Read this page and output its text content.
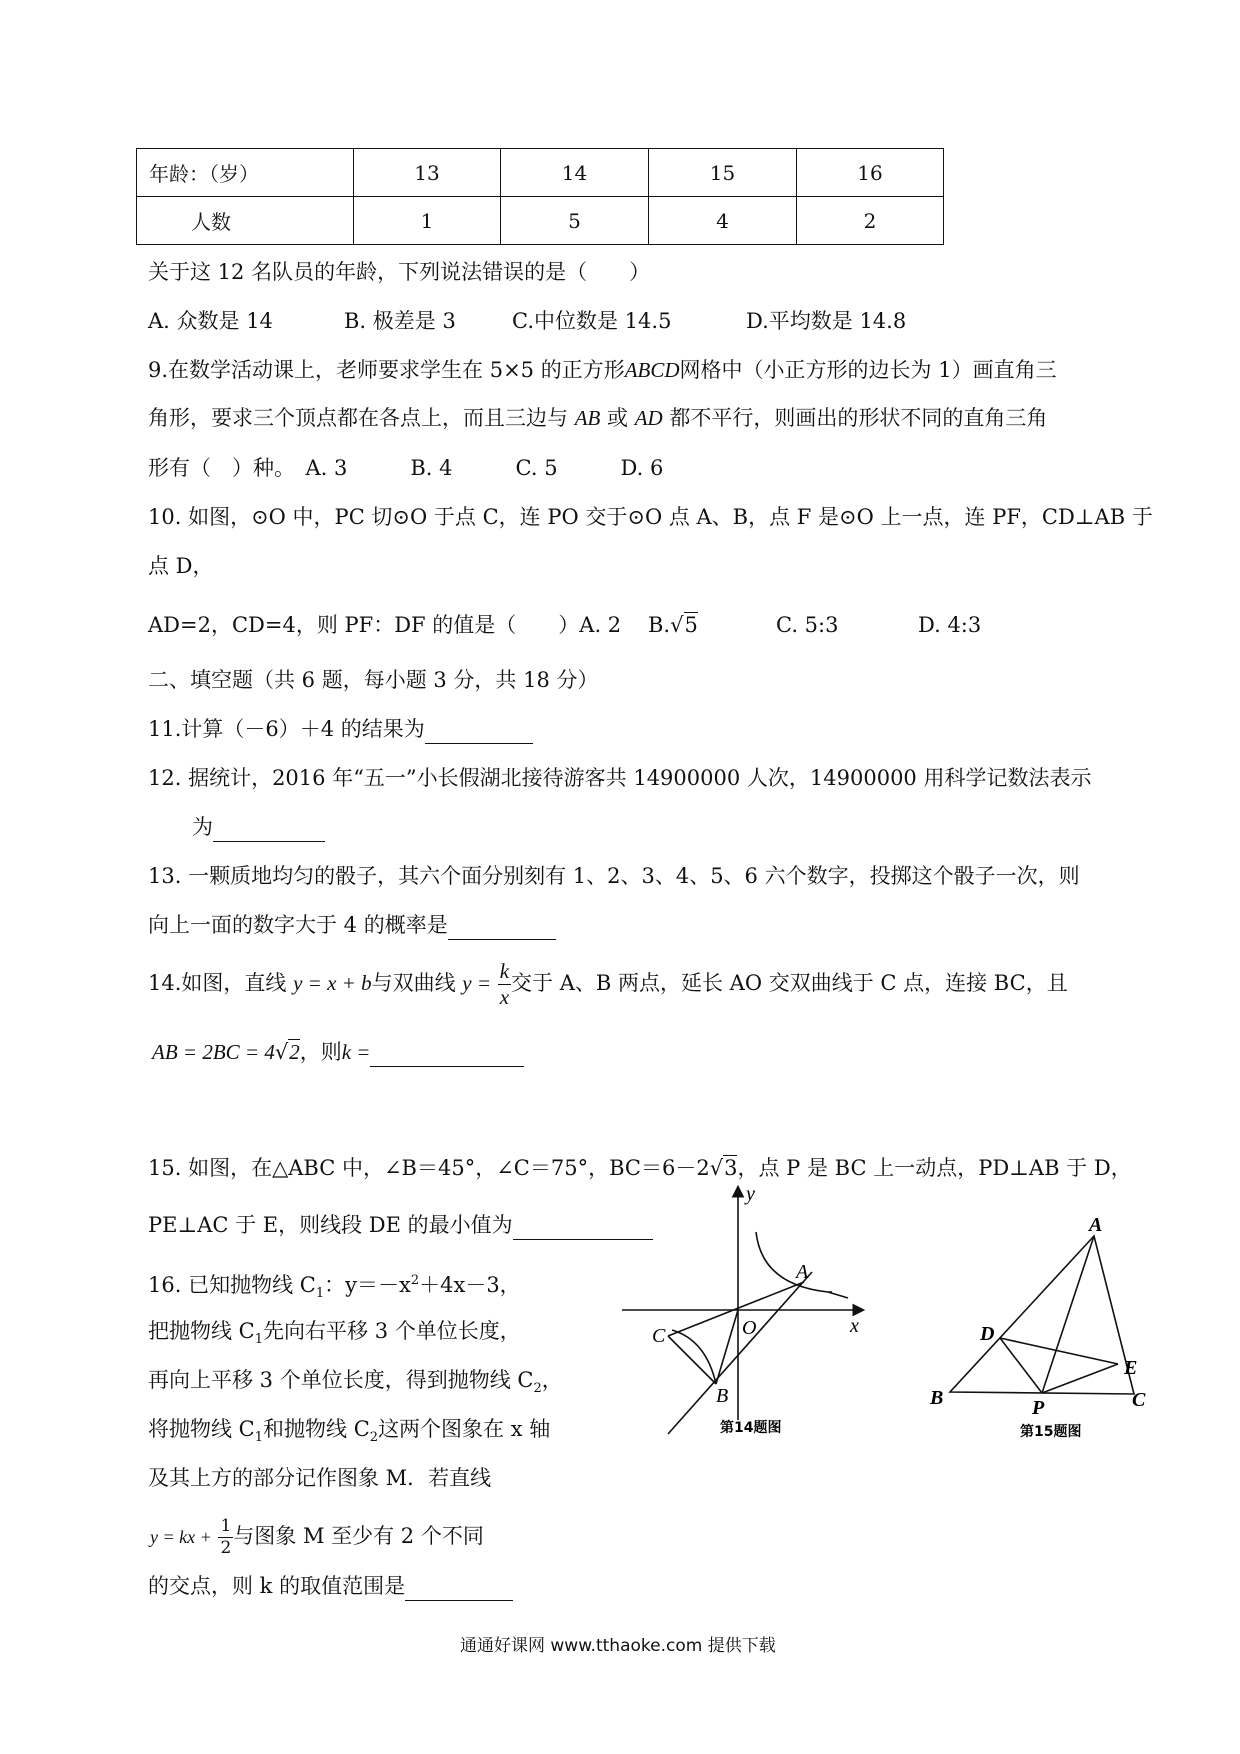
年龄：（岁）	13	14	15	16
人数	1	5	4	2
关于这 12 名队员的年龄，下列说法错误的是（　　）
A. 众数是 14	B. 极差是 3	C.中位数是 14.5	D.平均数是 14.8
9.在数学活动课上，老师要求学生在 5×5 的正方形ABCD网格中（小正方形的边长为 1）画直角三
角形，要求三个顶点都在各点上，而且三边与 AB 或 AD 都不平行，则画出的形状不同的直角三角
形有（　）种。　A. 3　　　B. 4　　　C. 5　　　D. 6
10. 如图，⊙O 中，PC 切⊙O 于点 C，连 PO 交于⊙O 点 A、B，点 F 是⊙O 上一点，连 PF，CD⊥AB 于
点 D，
AD=2，CD=4，则 PF：DF 的值是（　　）A. 2 B.√5	C. 5:3	D. 4:3
二、填空题（共 6 题，每小题 3 分，共 18 分）
11.计算（－6）＋4 的结果为
12. 据统计，2016 年“五一”小长假湖北接待游客共 14900000 人次，14900000 用科学记数法表示
为
13. 一颗质地均匀的骰子，其六个面分别刻有 1、2、3、4、5、6 六个数字，投掷这个骰子一次，则
向上一面的数字大于 4 的概率是
14.如图，直线 y = x + b与双曲线 $y = \frac{k}{x}$ 交于 A、B 两点，延长 AO 交双曲线于 C 点，连接 BC，且
AB = 2BC = 4√2，则k =
15. 如图，在△ABC 中，∠B＝45°，∠C＝75°，BC＝6－2√3，点 P 是 BC 上一动点，PD⊥AB 于 D，
PE⊥AC 于 E，则线段 DE 的最小值为
16. 已知抛物线 $C_1$：$y=-x^2+4x-3$，
把抛物线 $C_1$先向右平移 3 个单位长度，
再向上平移 3 个单位长度，得到抛物线 $C_2$，
将抛物线 $C_1$和抛物线 $C_2$这两个图象在 x 轴
及其上方的部分记作图象 M．若直线
y = kx + $\frac{1}{2}$ 与图象 M 至少有 2 个不同
的交点，则 k 的取值范围是
y
x
O
A
B
C
第14题图
A
B	C
D
E
P
第15题图
通通好课网 www.tthaoke.com 提供下载
